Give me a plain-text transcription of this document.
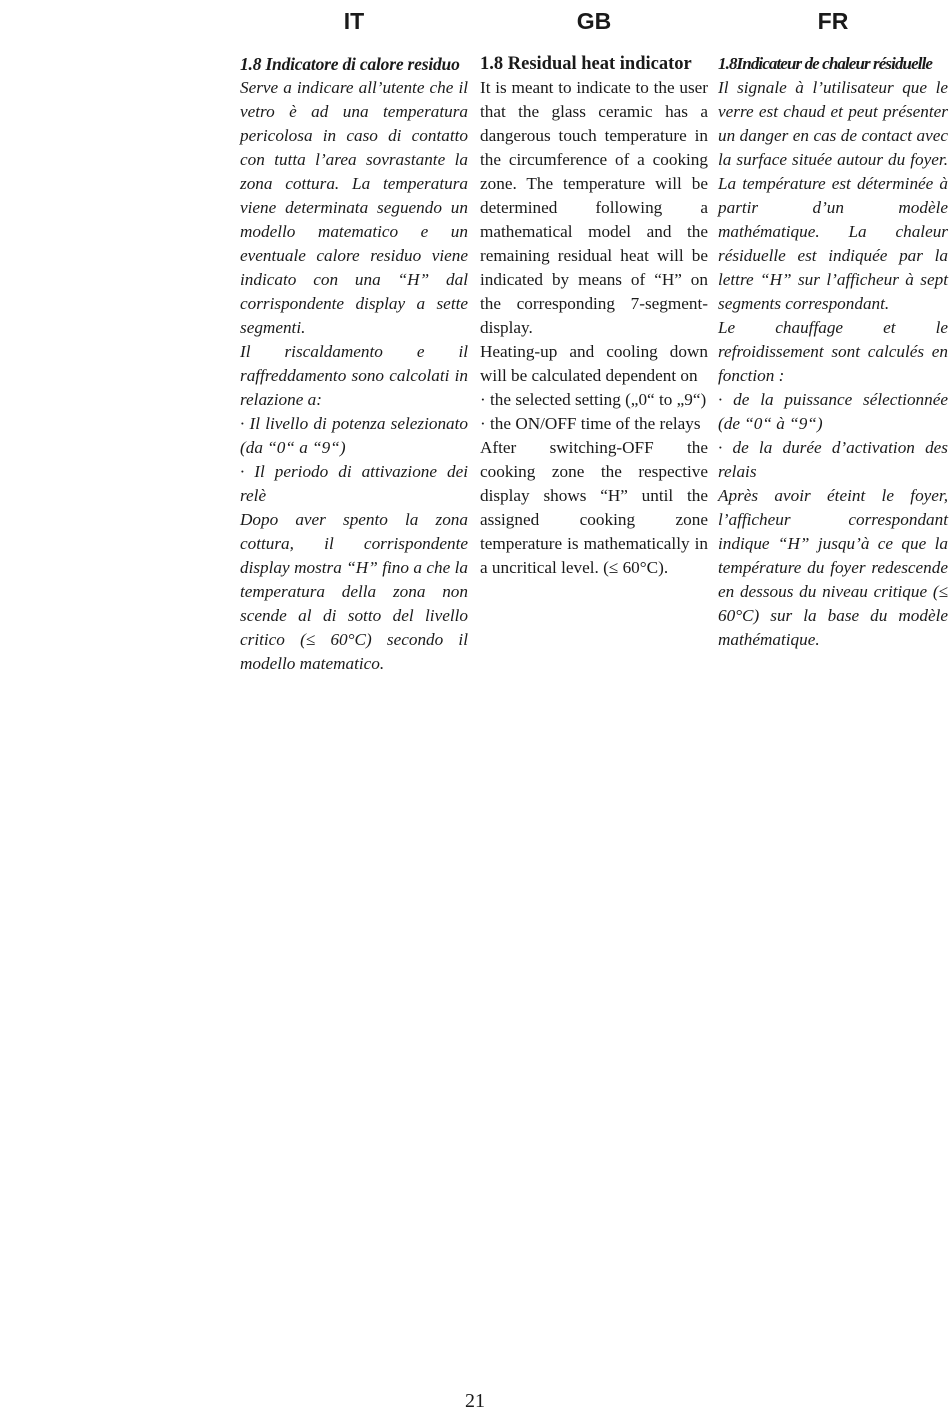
IT	GB	FR
1.8 Indicatore di calore residuo

Serve a indicare all’utente che il vetro è ad una temperatura pericolosa in caso di contatto con tutta l’area sovrastante la zona cottura. La temperatura viene determinata seguendo un modello matematico e un eventuale calore residuo viene indicato con una “H” dal corrispondente display a sette segmenti.

Il riscaldamento e il raffreddamento sono calcolati in relazione a:

· Il livello di potenza selezionato (da “0“ a “9“)

· Il periodo di attivazione dei relè

Dopo aver spento la zona cottura, il corrispondente display mostra “H” fino a che la temperatura della zona non scende al di sotto del livello critico (≤ 60°C) secondo il modello matematico.

1.8 Residual heat indicator

It is meant to indicate to the user that the glass ceramic has a dangerous touch temperature in the circumference of a cooking zone. The temperature will be determined following a mathematical model and the remaining residual heat will be indicated by means of “H” on the corresponding 7-segment-display.

Heating-up and cooling down will be calculated dependent on

· the selected setting („0“ to „9“)

· the ON/OFF time of the relays

After switching-OFF the cooking zone the respective display shows “H” until the assigned cooking zone temperature is mathematically in a uncritical level. (≤ 60°C).

1.8Indicateur de chaleur résiduelle

Il signale à l’utilisateur que le verre est chaud et peut présenter un danger en cas de contact avec la surface située autour du foyer. La température est déterminée à partir d’un modèle mathématique. La chaleur résiduelle est indiquée par la lettre “H” sur l’afficheur à sept segments correspondant.

Le chauffage et le refroidissement sont calculés en fonction :

· de la puissance sélectionnée (de “0“ à “9“)

· de la durée d’activation des relais

Après avoir éteint le foyer, l’afficheur correspondant indique “H” jusqu’à ce que la température du foyer redescende en dessous du niveau critique (≤ 60°C) sur la base du modèle mathématique.

21
